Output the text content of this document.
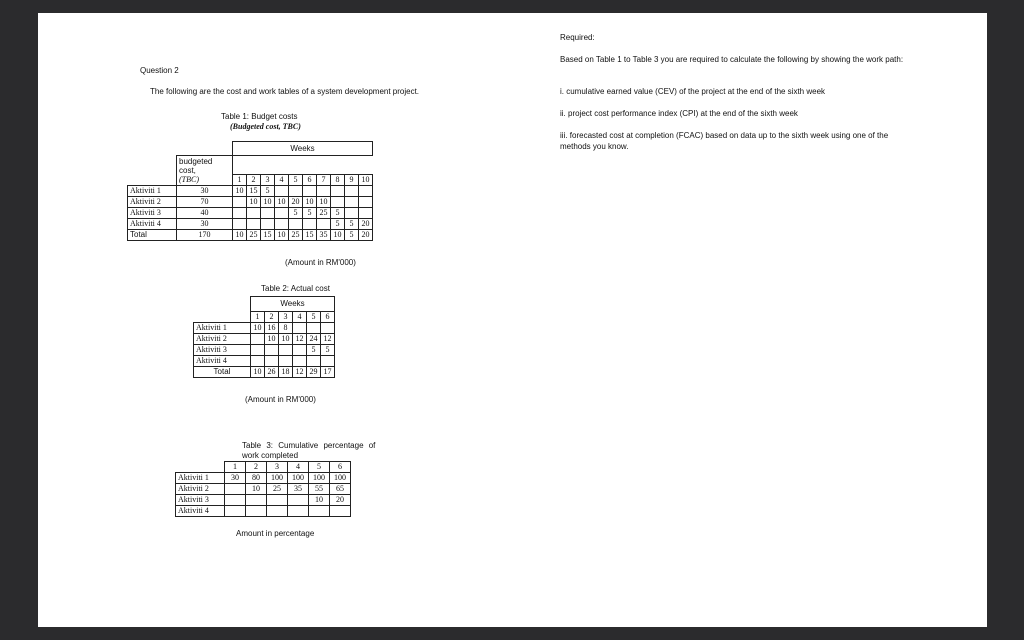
Question 2
The following are the cost and work tables of a system development project.
Table 1: Budget costs
(Budgeted cost, TBC)
		Weeks									

	budgeted
cost,
(TBC)										

		1	2	3	4	5	6	7	8	9	10
Aktiviti 1	30	10	15	5							
Aktiviti 2	70		10	10	10	20	10	10			
Aktiviti 3	40					5	5	25	5		
Aktiviti 4	30								5	5	20
Total	170	10	25	15	10	25	15	35	10	5	20
(Amount in RM'000)
Table 2: Actual cost
	Weeks					
	1	2	3	4	5	6
Aktiviti 1	10	16	8			
Aktiviti 2		10	10	12	24	12
Aktiviti 3					5	5
Aktiviti 4						
Total	10	26	18	12	29	17
(Amount in RM'000)
Table 3: Cumulative percentage of
work completed
	1	2	3	4	5	6
Aktiviti 1	30	80	100	100	100	100
Aktiviti 2		10	25	35	55	65
Aktiviti 3					10	20
Aktiviti 4						
Amount in percentage
Required:
Based on Table 1 to Table 3 you are required to calculate the following by showing the work path:
i. cumulative earned value (CEV) of the project at the end of the sixth week
ii. project cost performance index (CPI) at the end of the sixth week
iii. forecasted cost at completion (FCAC) based on data up to the sixth week using one of the methods you know.
